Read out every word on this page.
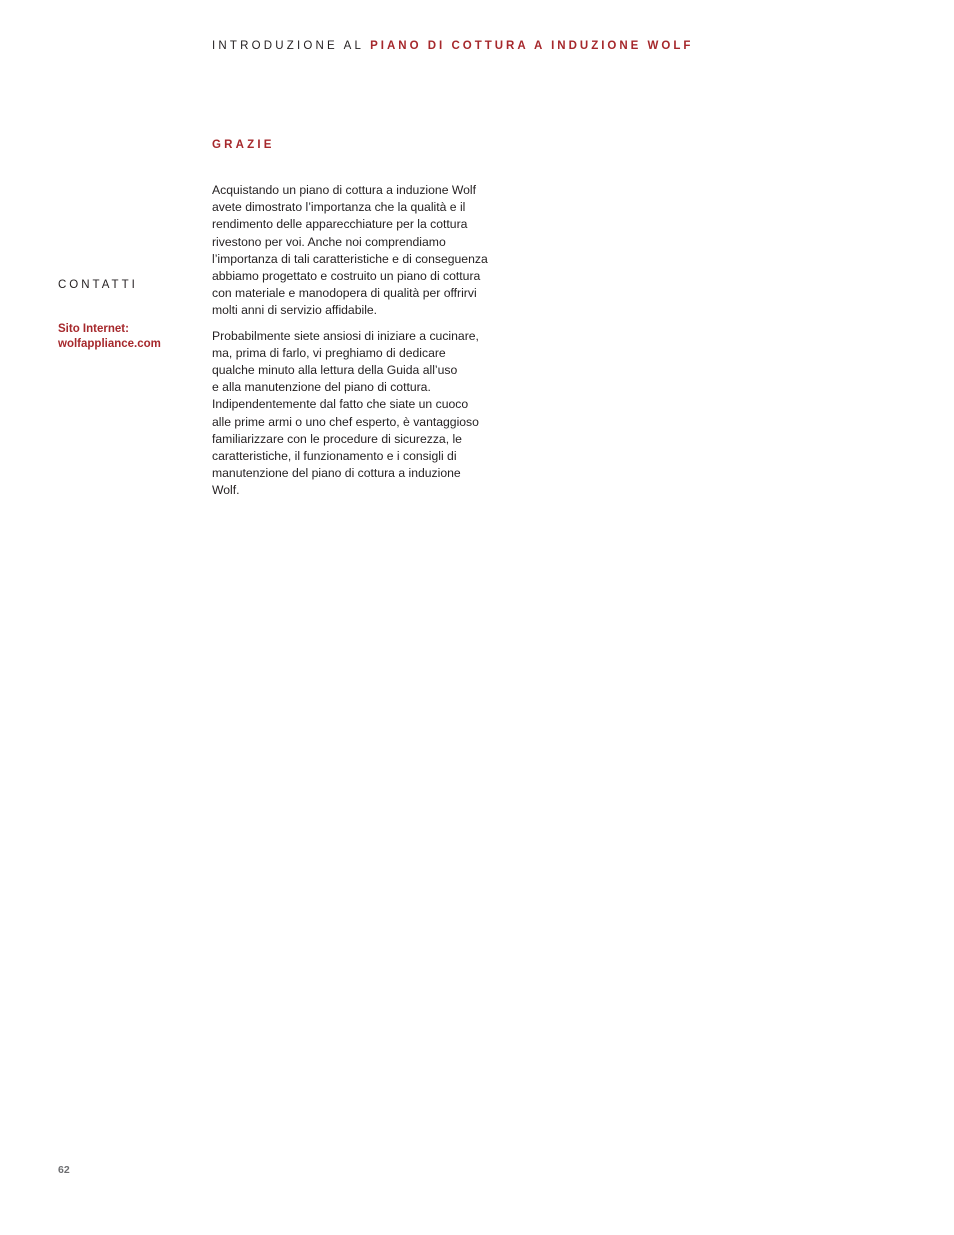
INTRODUZIONE AL PIANO DI COTTURA A INDUZIONE WOLF
GRAZIE

Acquistando un piano di cottura a induzione Wolf
avete dimostrato l’importanza che la qualità e il
rendimento delle apparecchiature per la cottura
rivestono per voi. Anche noi comprendiamo
l’importanza di tali caratteristiche e di conseguenza
abbiamo progettato e costruito un piano di cottura
con materiale e manodopera di qualità per offrirvi
molti anni di servizio affidabile.

Probabilmente siete ansiosi di iniziare a cucinare,
ma, prima di farlo, vi preghiamo di dedicare
qualche minuto alla lettura della Guida all’uso
e alla manutenzione del piano di cottura.
Indipendentemente dal fatto che siate un cuoco
alle prime armi o uno chef esperto, è vantaggioso
familiarizzare con le procedure di sicurezza, le
caratteristiche, il funzionamento e i consigli di
manutenzione del piano di cottura a induzione
Wolf.

CONTATTI
Sito Internet:
wolfappliance.com
62
